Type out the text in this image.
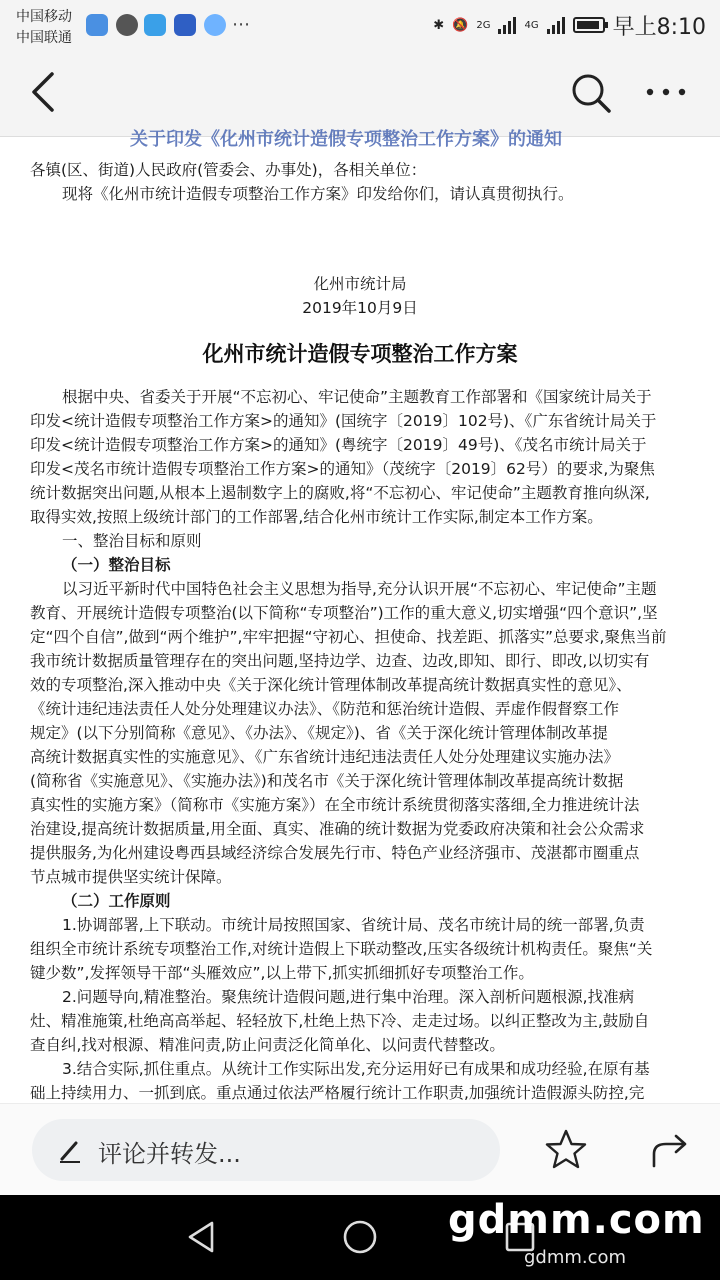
中国移动
中国联通
⋯	✱ 🔕 2G	4G	早上8:10
关于印发《化州市统计造假专项整治工作方案》的通知
各镇(区、街道)人民政府(管委会、办事处)，各相关单位：
现将《化州市统计造假专项整治工作方案》印发给你们，请认真贯彻执行。
化州市统计局
2019年10月9日
化州市统计造假专项整治工作方案
根据中央、省委关于开展“不忘初心、牢记使命”主题教育工作部署和《国家统计局关于
印发<统计造假专项整治工作方案>的通知》(国统字〔2019〕102号)、《广东省统计局关于
印发<统计造假专项整治工作方案>的通知》(粤统字〔2019〕49号)、《茂名市统计局关于
印发<茂名市统计造假专项整治工作方案>的通知》（茂统字〔2019〕62号）的要求,为聚焦
统计数据突出问题,从根本上遏制数字上的腐败,将“不忘初心、牢记使命”主题教育推向纵深,
取得实效,按照上级统计部门的工作部署,结合化州市统计工作实际,制定本工作方案。
一、整治目标和原则
（一）整治目标
以习近平新时代中国特色社会主义思想为指导,充分认识开展“不忘初心、牢记使命”主题
教育、开展统计造假专项整治(以下简称“专项整治”)工作的重大意义,切实增强“四个意识”,坚
定“四个自信”,做到“两个维护”,牢牢把握“守初心、担使命、找差距、抓落实”总要求,聚焦当前
我市统计数据质量管理存在的突出问题,坚持边学、边查、边改,即知、即行、即改,以切实有
效的专项整治,深入推动中央《关于深化统计管理体制改革提高统计数据真实性的意见》、
《统计违纪违法责任人处分处理建议办法》、《防范和惩治统计造假、弄虚作假督察工作
规定》(以下分别简称《意见》、《办法》、《规定》)、省《关于深化统计管理体制改革提
高统计数据真实性的实施意见》、《广东省统计违纪违法责任人处分处理建议实施办法》
(简称省《实施意见》、《实施办法》)和茂名市《关于深化统计管理体制改革提高统计数据
真实性的实施方案》（简称市《实施方案》）在全市统计系统贯彻落实落细,全力推进统计法
治建设,提高统计数据质量,用全面、真实、准确的统计数据为党委政府决策和社会公众需求
提供服务,为化州建设粤西县域经济综合发展先行市、特色产业经济强市、茂湛都市圈重点
节点城市提供坚实统计保障。
（二）工作原则
1.协调部署,上下联动。市统计局按照国家、省统计局、茂名市统计局的统一部署,负责
组织全市统计系统专项整治工作,对统计造假上下联动整改,压实各级统计机构责任。聚焦“关
键少数”,发挥领导干部“头雁效应”,以上带下,抓实抓细抓好专项整治工作。
2.问题导向,精准整治。聚焦统计造假问题,进行集中治理。深入剖析问题根源,找准病
灶、精准施策,杜绝高高举起、轻轻放下,杜绝上热下冷、走走过场。以纠正整改为主,鼓励自
查自纠,找对根源、精准问责,防止问责泛化简单化、以问责代替整改。
3.结合实际,抓住重点。从统计工作实际出发,充分运用好已有成果和成功经验,在原有基
础上持续用力、一抓到底。重点通过依法严格履行统计工作职责,加强统计造假源头防控,完
评论并转发...
gdmm.com
gdmm.com
